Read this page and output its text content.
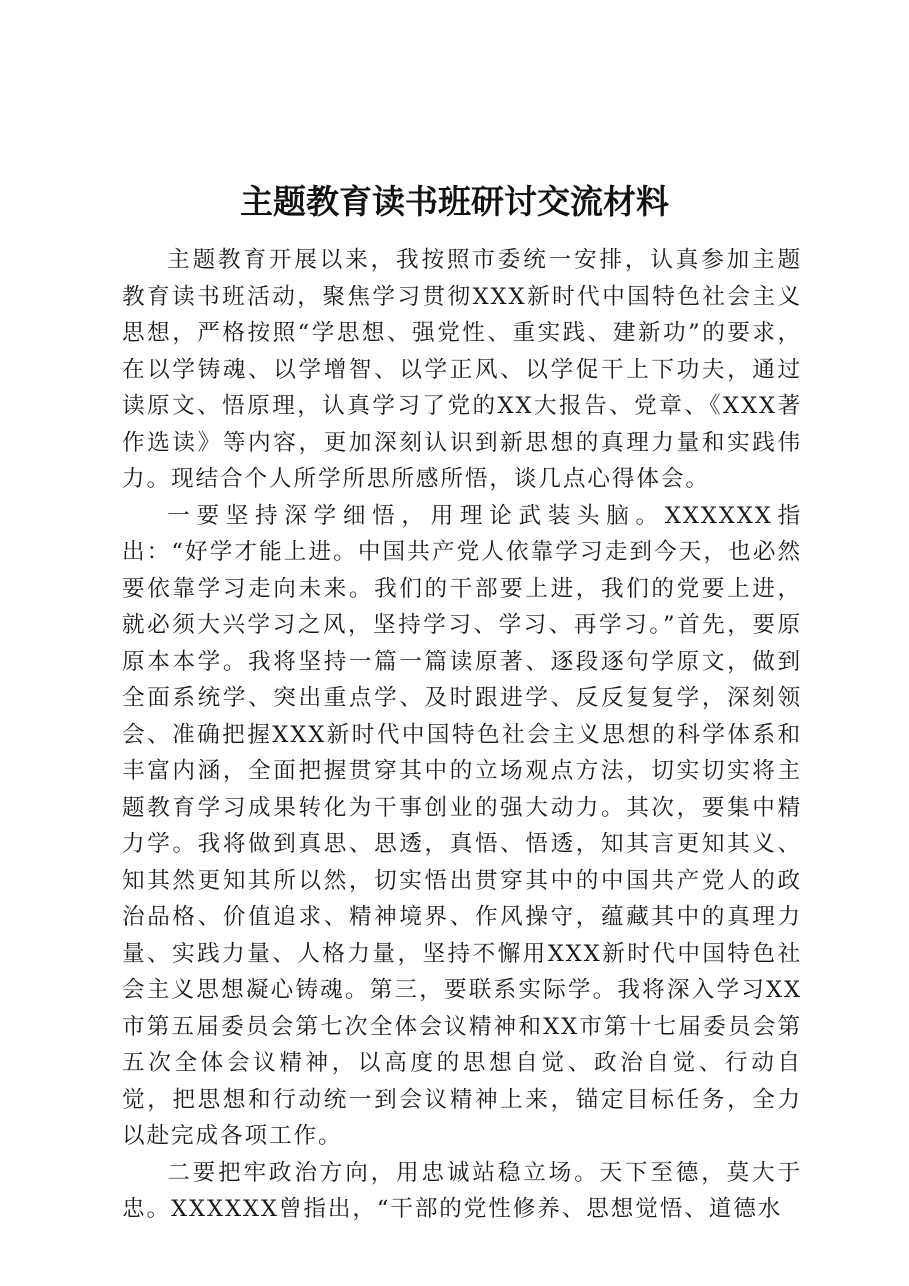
主题教育读书班研讨交流材料

主题教育开展以来，我按照市委统一安排，认真参加主题教育读书班活动，聚焦学习贯彻XXX新时代中国特色社会主义思想，严格按照“学思想、强党性、重实践、建新功”的要求，在以学铸魂、以学增智、以学正风、以学促干上下功夫，通过读原文、悟原理，认真学习了党的XX大报告、党章、《XXX著作选读》等内容，更加深刻认识到新思想的真理力量和实践伟力。现结合个人所学所思所感所悟，谈几点心得体会。

一要坚持深学细悟，用理论武装头脑。XXXXXX指出：“好学才能上进。中国共产党人依靠学习走到今天，也必然要依靠学习走向未来。我们的干部要上进，我们的党要上进，就必须大兴学习之风，坚持学习、学习、再学习。”首先，要原原本本学。我将坚持一篇一篇读原著、逐段逐句学原文，做到全面系统学、突出重点学、及时跟进学、反反复复学，深刻领会、准确把握XXX新时代中国特色社会主义思想的科学体系和丰富内涵，全面把握贯穿其中的立场观点方法，切实切实将主题教育学习成果转化为干事创业的强大动力。其次，要集中精力学。我将做到真思、思透，真悟、悟透，知其言更知其义、知其然更知其所以然，切实悟出贯穿其中的中国共产党人的政治品格、价值追求、精神境界、作风操守，蕴藏其中的真理力量、实践力量、人格力量，坚持不懈用XXX新时代中国特色社会主义思想凝心铸魂。第三，要联系实际学。我将深入学习XX市第五届委员会第七次全体会议精神和XX市第十七届委员会第五次全体会议精神，以高度的思想自觉、政治自觉、行动自觉，把思想和行动统一到会议精神上来，锚定目标任务，全力以赴完成各项工作。

二要把牢政治方向，用忠诚站稳立场。天下至德，莫大于忠。XXXXXX曾指出，“干部的党性修养、思想觉悟、道德水
